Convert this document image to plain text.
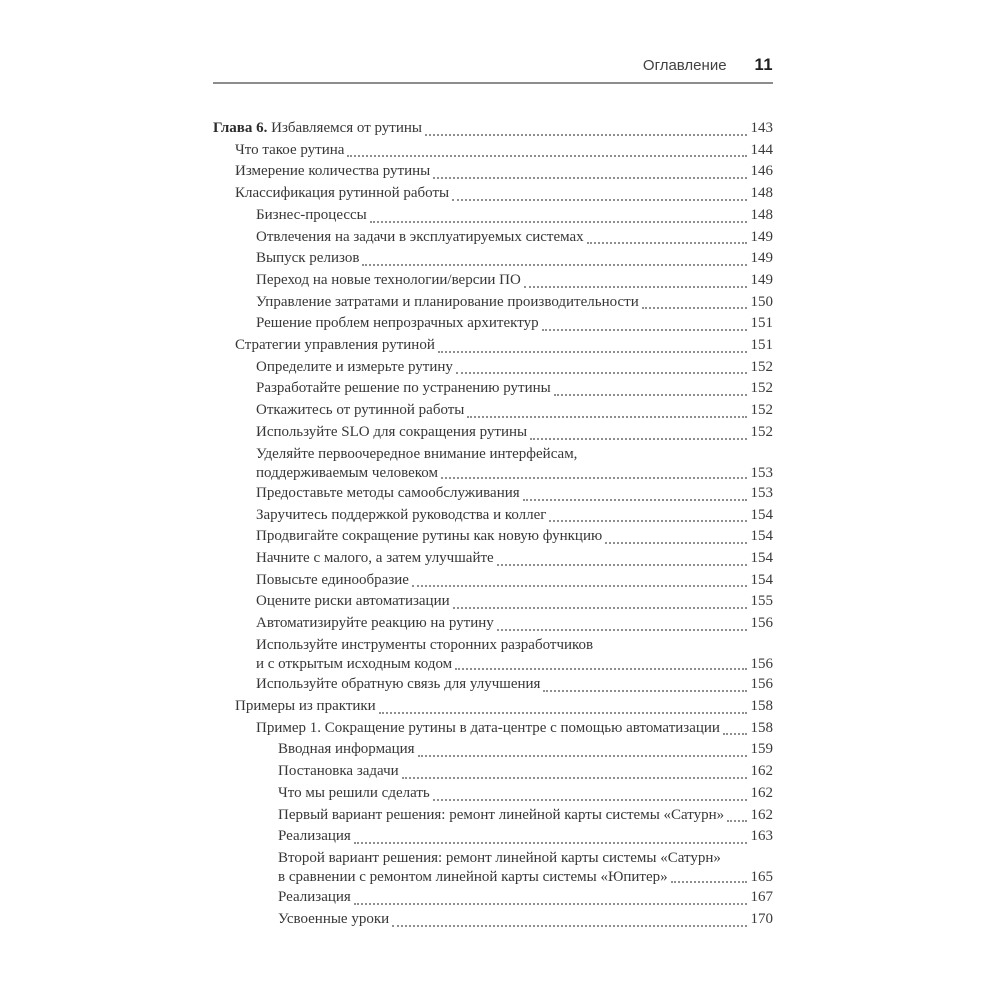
Оглавление 11
Глава 6. Избавляемся от рутины	143
Что такое рутина	144
Измерение количества рутины	146
Классификация рутинной работы	148
Бизнес-процессы	148
Отвлечения на задачи в эксплуатируемых системах	149
Выпуск релизов	149
Переход на новые технологии/версии ПО	149
Управление затратами и планирование производительности	150
Решение проблем непрозрачных архитектур	151
Стратегии управления рутиной	151
Определите и измерьте рутину	152
Разработайте решение по устранению рутины	152
Откажитесь от рутинной работы	152
Используйте SLO для сокращения рутины	152
Уделяйте первоочередное внимание интерфейсам,
поддерживаемым человеком	153
Предоставьте методы самообслуживания	153
Заручитесь поддержкой руководства и коллег	154
Продвигайте сокращение рутины как новую функцию	154
Начните с малого, а затем улучшайте	154
Повысьте единообразие	154
Оцените риски автоматизации	155
Автоматизируйте реакцию на рутину	156
Используйте инструменты сторонних разработчиков
и с открытым исходным кодом	156
Используйте обратную связь для улучшения	156
Примеры из практики	158
Пример 1. Сокращение рутины в дата-центре с помощью автоматизации 158
Вводная информация	159
Постановка задачи	162
Что мы решили сделать	162
Первый вариант решения: ремонт линейной карты системы «Сатурн» 162
Реализация	163
Второй вариант решения: ремонт линейной карты системы «Сатурн»
в сравнении с ремонтом линейной карты системы «Юпитер»	165
Реализация	167
Усвоенные уроки	170
